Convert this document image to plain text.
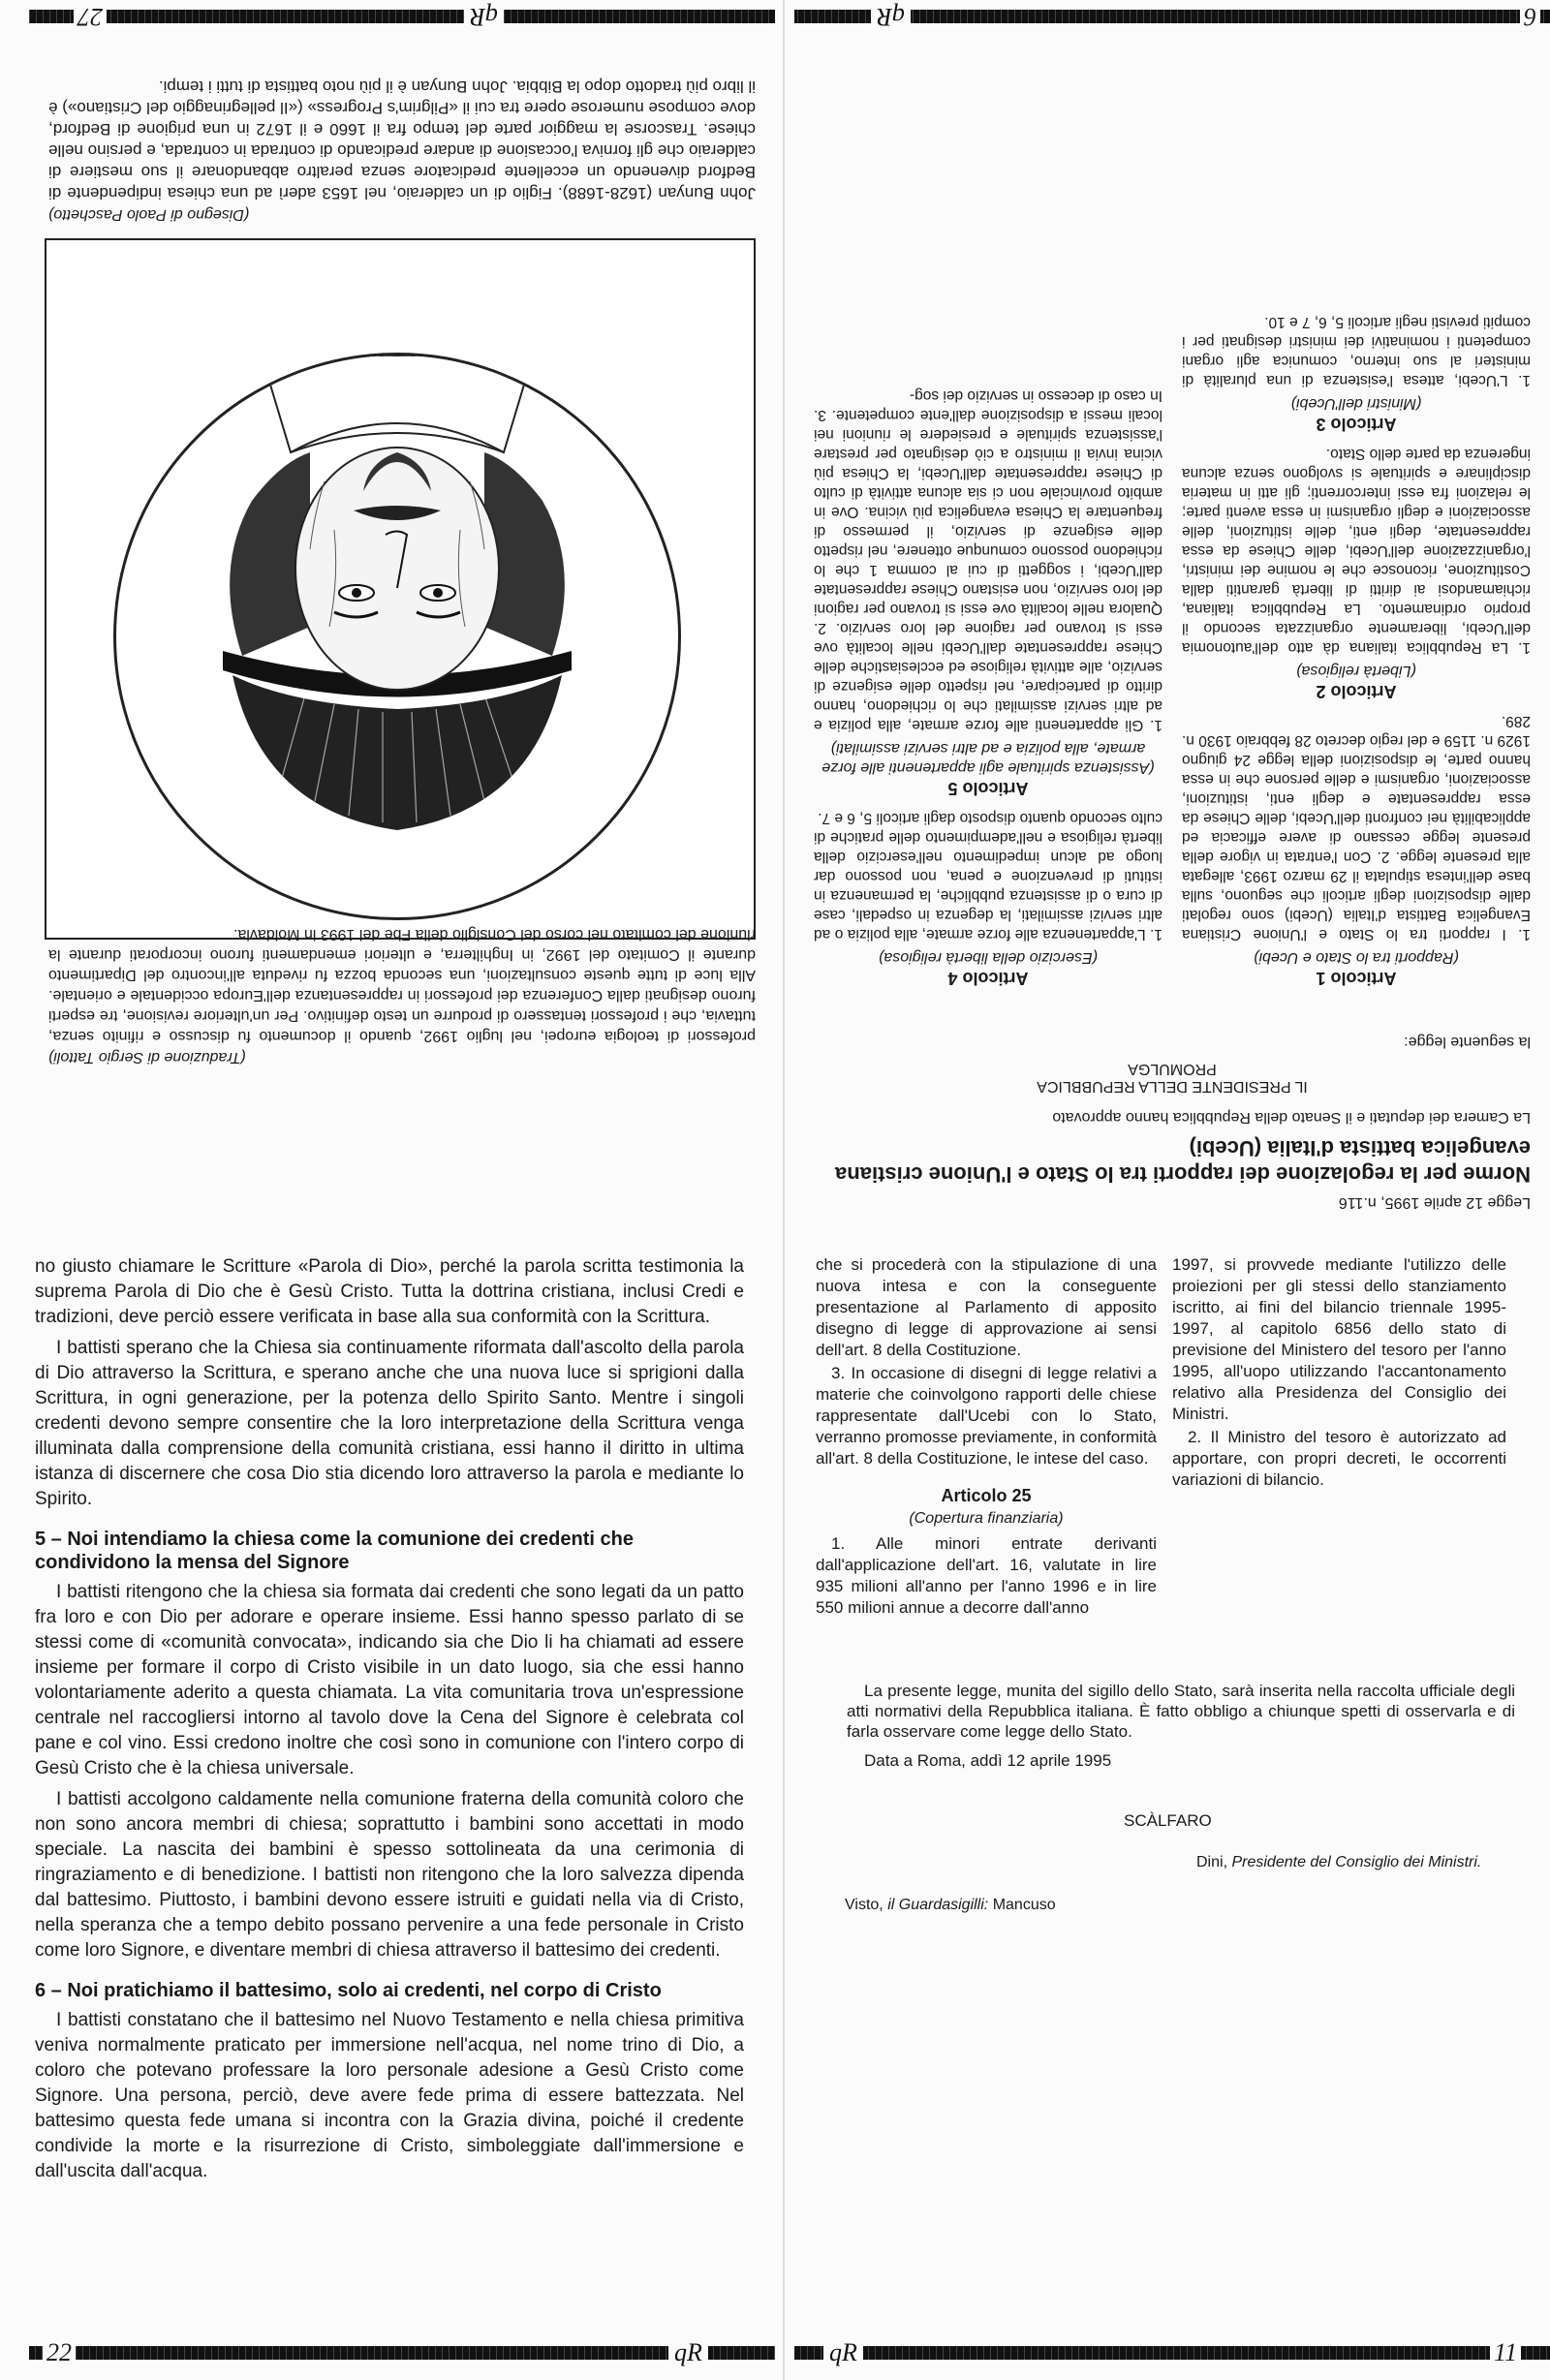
qR
27
John Bunyan (1628-1688). Figlio di un calderaio, nel 1653 aderì ad una chiesa indipendente di Bedford divenendo un eccellente predicatore senza peraltro abbandonare il suo mestiere di calderaio che gli forniva l'occasione di andare predicando di contrada in contrada, e persino nelle chiese. Trascorse la maggior parte del tempo fra il 1660 e il 1672 in una prigione di Bedford, dove compose numerose opere tra cui il «Pilgrim's Progress» («Il pellegrinaggio del Cristiano») è il libro più tradotto dopo la Bibbia. John Bunyan è il più noto battista di tutti i tempi.
(Disegno di Paolo Paschetto)
professori di teologia europei, nel luglio 1992, quando il documento fu discusso e rifinito senza, tuttavia, che i professori tentassero di produrre un testo definitivo. Per un'ulteriore revisione, tre esperti furono designati dalla Conferenza dei professori in rappresentanza dell'Europa occidentale e orientale. Alla luce di tutte queste consultazioni, una seconda bozza fu rivedutа all'incontro del Dipartimento durante il Comitato del 1992, in Inghilterra, e ulteriori emendamenti furono incorporati durante la riunione del comitato nel corso del Consiglio della Fbe del 1993 in Moldavia.
(Traduzione di Sergio Tattoli)
6
qR
Articolo 1
(Rapporti tra lo Stato e Ucebi)

1. I rapporti tra lo Stato e l'Unione Cristiana Evangelica Battista d'Italia (Ucebi) sono regolati dalle disposizioni degli articoli che seguono, sulla base dell'intesa stipulata il 29 marzo 1993, allegata alla presente legge. 2. Con l'entrata in vigore della presente legge cessano di avere efficacia ed applicabilità nei confronti dell'Ucebi, delle Chiese da essa rappresentate e degli enti, istituzioni, associazioni, organismi e delle persone che in essa hanno parte, le disposizioni della legge 24 giugno 1929 n. 1159 e del regio decreto 28 febbraio 1930 n. 289.

Articolo 2
(Libertà religiosa)

1. La Repubblica italiana dà atto dell'autonomia dell'Ucebi, liberamente organizzata secondo il proprio ordinamento. La Repubblica italiana, richiamandosi ai diritti di libertà garantiti dalla Costituzione, riconosce che le nomine dei ministri, l'organizzazione dell'Ucebi, delle Chiese da essa rappresentate, degli enti, delle istituzioni, delle associazioni e degli organismi in essa aventi parte; le relazioni fra essi intercorrenti; gli atti in materia disciplinare e spirituale si svolgono senza alcuna ingerenza da parte dello Stato.

Articolo 3
(Ministri dell'Ucebi)

1. L'Ucebi, attesa l'esistenza di una pluralità di ministeri al suo interno, comunica agli organi competenti i nominativi dei ministri designati per i compiti previsti negli articoli 5, 6, 7 e 10.

Articolo 4
(Esercizio della libertà religiosa)

1. L'appartenenza alle forze armate, alla polizia o ad altri servizi assimilati, la degenza in ospedali, case di cura o di assistenza pubbliche, la permanenza in istituti di prevenzione e pena, non possono dar luogo ad alcun impedimento nell'esercizio della libertà religiosa e nell'adempimento delle pratiche di culto secondo quanto disposto dagli articoli 5, 6 e 7.

Articolo 5
(Assistenza spirituale agli appartenenti alle forze armate, alla polizia e ad altri servizi assimilati)

1. Gli appartenenti alle forze armate, alla polizia e ad altri servizi assimilati che lo richiedono, hanno diritto di partecipare, nel rispetto delle esigenze di servizio, alle attività religiose ed ecclesiastiche delle Chiese rappresentate dall'Ucebi nelle località ove essi si trovano per ragione del loro servizio. 2. Qualora nelle località ove essi si trovano per ragioni del loro servizio, non esistano Chiese rappresentate dall'Ucebi, i soggetti di cui al comma 1 che lo richiedono possono comunque ottenere, nel rispetto delle esigenze di servizio, il permesso di frequentare la Chiesa evangelica più vicina. Ove in ambito provinciale non ci sia alcuna attività di culto di Chiese rappresentate dall'Ucebi, la Chiesa più vicina invia il ministro a ciò designato per prestare l'assistenza spirituale e presiedere le riunioni nei locali messi a disposizione dall'ente competente. 3. In caso di decesso in servizio dei sog-

Legge 12 aprile 1995, n.116
Norme per la regolazione dei rapporti tra lo Stato e l'Unione cristiana evangelica battista d'Italia (Ucebi)
La Camera dei deputati e il Senato della Repubblica hanno approvato
IL PRESIDENTE DELLA REPUBBLICA
PROMULGA
la seguente legge:

no giusto chiamare le Scritture «Parola di Dio», perché la parola scritta testimonia la suprema Parola di Dio che è Gesù Cristo. Tutta la dottrina cristiana, inclusi Credi e tradizioni, deve perciò essere verificata in base alla sua conformità con la Scrittura.

I battisti sperano che la Chiesa sia continuamente riformata dall'ascolto della parola di Dio attraverso la Scrittura, e sperano anche che una nuova luce si sprigioni dalla Scrittura, in ogni generazione, per la potenza dello Spirito Santo. Mentre i singoli credenti devono sempre consentire che la loro interpretazione della Scrittura venga illuminata dalla comprensione della comunità cristiana, essi hanno il diritto in ultima istanza di discernere che cosa Dio stia dicendo loro attraverso la parola e mediante lo Spirito.

5 – Noi intendiamo la chiesa come la comunione dei credenti che condividono la mensa del Signore

I battisti ritengono che la chiesa sia formata dai credenti che sono legati da un patto fra loro e con Dio per adorare e operare insieme. Essi hanno spesso parlato di se stessi come di «comunità convocata», indicando sia che Dio li ha chiamati ad essere insieme per formare il corpo di Cristo visibile in un dato luogo, sia che essi hanno volontariamente aderito a questa chiamata. La vita comunitaria trova un'espressione centrale nel raccogliersi intorno al tavolo dove la Cena del Signore è celebrata col pane e col vino. Essi credono inoltre che così sono in comunione con l'intero corpo di Gesù Cristo che è la chiesa universale.

I battisti accolgono caldamente nella comunione fraterna della comunità coloro che non sono ancora membri di chiesa; soprattutto i bambini sono accettati in modo speciale. La nascita dei bambini è spesso sottolineata da una cerimonia di ringraziamento e di benedizione. I battisti non ritengono che la loro salvezza dipenda dal battesimo. Piuttosto, i bambini devono essere istruiti e guidati nella via di Cristo, nella speranza che a tempo debito possano pervenire a una fede personale in Cristo come loro Signore, e diventare membri di chiesa attraverso il battesimo dei credenti.

6 – Noi pratichiamo il battesimo, solo ai credenti, nel corpo di Cristo

I battisti constatano che il battesimo nel Nuovo Testamento e nella chiesa primitiva veniva normalmente praticato per immersione nell'acqua, nel nome trino di Dio, a coloro che potevano professare la loro personale adesione a Gesù Cristo come Signore. Una persona, perciò, deve avere fede prima di essere battezzata. Nel battesimo questa fede umana si incontra con la Grazia divina, poiché il credente condivide la morte e la risurrezione di Cristo, simboleggiate dall'immersione e dall'uscita dall'acqua.

22	qR

che si procederà con la stipulazione di una nuova intesa e con la conseguente presentazione al Parlamento di apposito disegno di legge di approvazione ai sensi dell'art. 8 della Costituzione.

3. In occasione di disegni di legge relativi a materie che coinvolgono rapporti delle chiese rappresentate dall'Ucebi con lo Stato, verranno promosse previamente, in conformità all'art. 8 della Costituzione, le intese del caso.

Articolo 25
(Copertura finanziaria)

1. Alle minori entrate derivanti dall'applicazione dell'art. 16, valutate in lire 935 milioni all'anno per l'anno 1996 e in lire 550 milioni annue a decorre dall'anno

1997, si provvede mediante l'utilizzo delle proiezioni per gli stessi dello stanziamento iscritto, ai fini del bilancio triennale 1995-1997, al capitolo 6856 dello stato di previsione del Ministero del tesoro per l'anno 1995, all'uopo utilizzando l'accantonamento relativo alla Presidenza del Consiglio dei Ministri.

2. Il Ministro del tesoro è autorizzato ad apportare, con propri decreti, le occorrenti variazioni di bilancio.

La presente legge, munita del sigillo dello Stato, sarà inserita nella raccolta ufficiale degli atti normativi della Repubblica italiana. È fatto obbligo a chiunque spetti di osservarla e di farla osservare come legge dello Stato.
Data a Roma, addì 12 aprile 1995
SCÀLFARO
Dini, Presidente del Consiglio dei Ministri.
Visto, il Guardasigilli: Mancuso
qR	11
